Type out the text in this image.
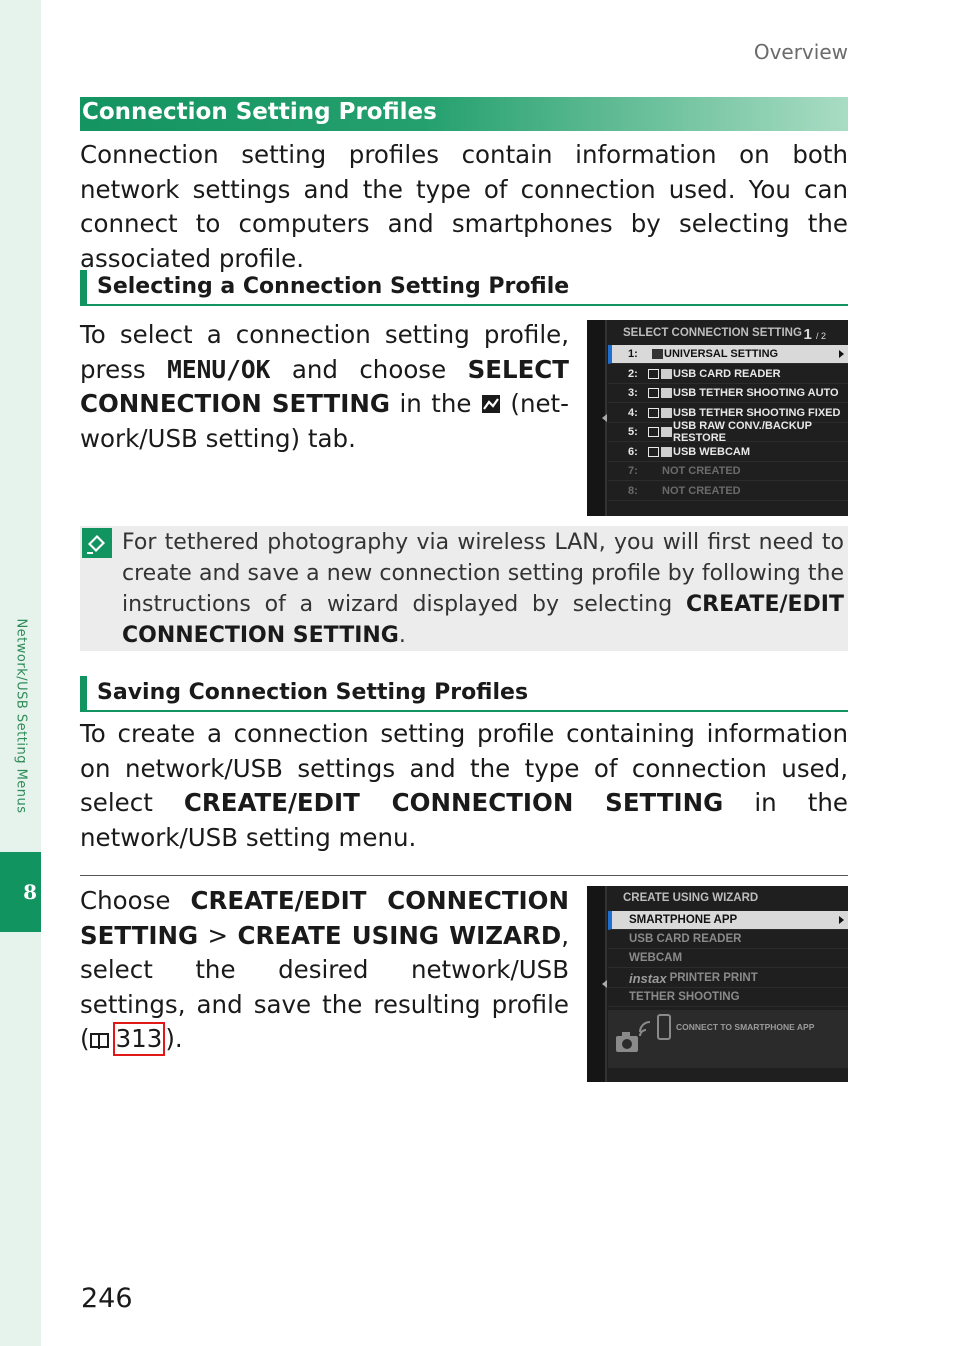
Network/USB Setting Menus
8
Overview
Connection Setting Profiles

Connection setting profiles contain information on both network settings and the type of connection used. You can connect to computers and smartphones by selecting the associated profile.

Selecting a Connection Setting Profile

To select a connection setting profile, press MENU/OK and choose SELECT CONNECTION SETTING in the  (network/USB setting) tab.

SELECT CONNECTION SETTING 1 / 2
1:	UNIVERSAL SETTING
2:	USB CARD READER
3:	USB TETHER SHOOTING AUTO
4:	USB TETHER SHOOTING FIXED
5:	USB RAW CONV./BACKUP RESTORE
6:	USB WEBCAM
7:	NOT CREATED
8:	NOT CREATED

For tethered photography via wireless LAN, you will first need to create and save a new connection setting profile by following the instructions of a wizard displayed by selecting CREATE/EDIT CONNECTION SETTING.

Saving Connection Setting Profiles

To create a connection setting profile containing information on network/USB settings and the type of connection used, select CREATE/EDIT CONNECTION SETTING in the network/USB setting menu.

Choose CREATE/EDIT CONNECTION SETTING > CREATE USING WIZARD, select the desired network/USB settings, and save the resulting profile ( 313 ).

CREATE USING WIZARD
SMARTPHONE APP
USB CARD READER
WEBCAM
instax PRINTER PRINT
TETHER SHOOTING
CONNECT TO SMARTPHONE APP
246
